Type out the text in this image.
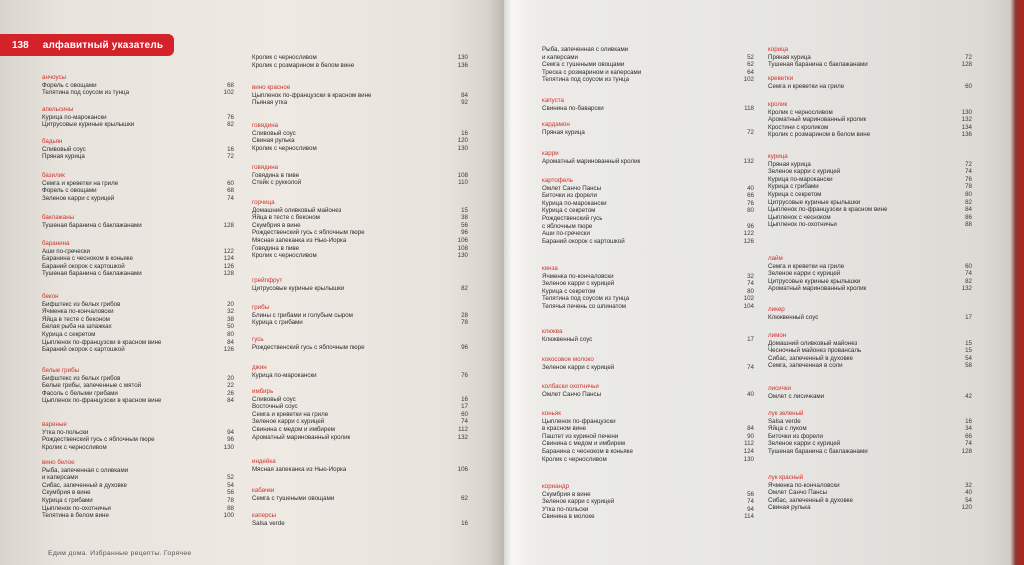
138 алфавитный указатель
анчоусы
Форель с овощами	68
Телятина под соусом из тунца	102
апельсины
Курица по-марокански	76
Цитрусовые куриные крылышки	82
бадьян
Сливовый соус	16
Пряная курица	72
базилик
Семга и креветки на гриле	60
Форель с овощами	68
Зеленое карри с курицей	74
баклажаны
Тушеная баранина с баклажанами	128
баранина
Аши по-гречески	122
Баранина с чесноком в коньяке	124
Бараний окорок с картошкой	126
Тушеная баранина с баклажанами	128
бекон
Бифштекс из белых грибов	20
Ячменка по-кончаловски	32
Яйца в тесте с беконом	38
Белая рыба на шпажках	50
Курица с секретом	80
Цыпленок по-французски в красном вине	84
Бараний окорок с картошкой	126
белые грибы
Бифштекс из белых грибов	20
Белые грибы, запеченные с мятой	22
Фасоль с белыми грибами	26
Цыпленок по-французски в красном вине	84
вареные
Утка по-польски	94
Рождественский гусь с яблочным пюре	96
Кролик с черносливом	130
вино белое
Рыба, запеченная с оливками
и каперсами	52
Сибас, запеченный в духовке	54
Скумбрия в вине	56
Курица с грибами	78
Цыпленок по-охотничьи	88
Телятина в белом вине	100
Кролик с черносливом	130
Кролик с розмарином в белом вине	136
вино красное
Цыпленок по-французски в красном вине	84
Пьяная утка	92
говядина
Сливовый соус	16
Свиная рулька	120
Кролик с черносливом	130
говядина
Говядина в пиве	108
Стейк с рукколой	110
горчица
Домашний оливковый майонез	15
Яйца в тесте с беконом	38
Скумбрия в вине	56
Рождественский гусь с яблочным пюре	96
Мясная запеканка из Нью-Йорка	106
Говядина в пиве	108
Кролик с черносливом	130
грейпфрут
Цитрусовые куриные крылышки	82
грибы
Блины с грибами и голубым сыром	28
Курица с грибами	78
гусь
Рождественский гусь с яблочным пюре	96
джин
Курица по-марокански	76
имбирь
Сливовый соус	16
Восточный соус	17
Семга и креветки на гриле	60
Зеленое карри с курицей	74
Свинина с медом и имбирем	112
Ароматный маринованный кролик	132
индейка
Мясная запеканка из Нью-Йорка	106
кабачки
Семга с тушеными овощами	62
каперсы
Salsa verde	16
Рыба, запеченная с оливками
и каперсами	52
Семга с тушеными овощами	62
Треска с розмарином и каперсами	64
Телятина под соусом из тунца	102
капуста
Свинина по-баварски	118
кардамон
Пряная курица	72
карри
Ароматный маринованный кролик	132
картофель
Омлет Санчо Пансы	40
Биточки из форели	66
Курица по-марокански	76
Курица с секретом	80
Рождественский гусь
с яблочным пюре	96
Аши по-гречески	122
Бараний окорок с картошкой	126
кинза
Ячменка по-кончаловски	32
Зеленое карри с курицей	74
Курица с секретом	80
Телятина под соусом из тунца	102
Телячья печень со шпинатом	104
клюква
Клюквенный соус	17
кокосовое молоко
Зеленое карри с курицей	74
колбаски охотничьи
Омлет Санчо Пансы	40
коньяк
Цыпленок по-французски
в красном вине	84
Паштет из куриной печени	90
Свинина с медом и имбирем	112
Баранина с чесноком в коньяке	124
Кролик с черносливом	130
кориандр
Скумбрия в вине	56
Зеленое карри с курицей	74
Утка по-польски	94
Свинина в молоке	114
корица
Пряная курица	72
Тушеная баранина с баклажанами	128
креветки
Семга и креветки на гриле	60
кролик
Кролик с черносливом	130
Ароматный маринованный кролик	132
Кростини с кроликом	134
Кролик с розмарином в белом вине	136
курица
Пряная курица	72
Зеленое карри с курицей	74
Курица по-марокански	76
Курица с грибами	78
Курица с секретом	80
Цитрусовые куриные крылышки	82
Цыпленок по-французски в красном вине	84
Цыпленок с чесноком	86
Цыпленок по-охотничьи	88
лайм
Семга и креветки на гриле	60
Зеленое карри с курицей	74
Цитрусовые куриные крылышки	82
Ароматный маринованный кролик	132
ликер
Клюквенный соус	17
лимон
Домашний оливковый майонез	15
Чесночный майонез провансаль	15
Сибас, запеченный в духовке	54
Семга, запеченная в соли	58
лисички
Омлет с лисичками	42
лук зеленый
Salsa verde	16
Яйца с луком	34
Биточки из форели	66
Зеленое карри с курицей	74
Тушеная баранина с баклажанами	128
лук красный
Ячменка по-кончаловски	32
Омлет Санчо Пансы	40
Сибас, запеченный в духовке	54
Свиная рулька	120
Едим дома. Избранные рецепты. Горячее
